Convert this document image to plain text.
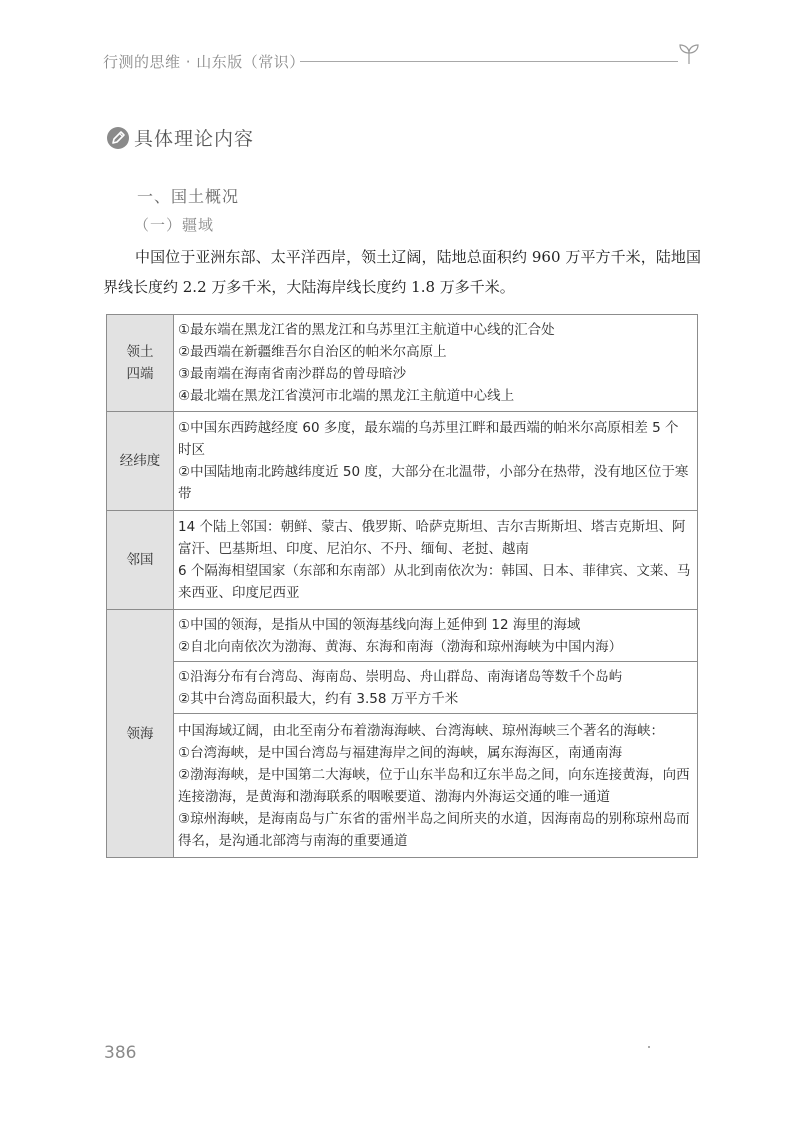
行测的思维 · 山东版（常识）
具体理论内容
一、国土概况
（一）疆域

中国位于亚洲东部、太平洋西岸，领土辽阔，陆地总面积约 960 万平方千米，陆地国界线长度约 2.2 万多千米，大陆海岸线长度约 1.8 万多千米。

领土
四端	①最东端在黑龙江省的黑龙江和乌苏里江主航道中心线的汇合处
②最西端在新疆维吾尔自治区的帕米尔高原上
③最南端在海南省南沙群岛的曾母暗沙
④最北端在黑龙江省漠河市北端的黑龙江主航道中心线上

经纬度	①中国东西跨越经度 60 多度，最东端的乌苏里江畔和最西端的帕米尔高原相差 5 个时区
②中国陆地南北跨越纬度近 50 度，大部分在北温带，小部分在热带，没有地区位于寒带

邻国	14 个陆上邻国：朝鲜、蒙古、俄罗斯、哈萨克斯坦、吉尔吉斯斯坦、塔吉克斯坦、阿富汗、巴基斯坦、印度、尼泊尔、不丹、缅甸、老挝、越南
6 个隔海相望国家（东部和东南部）从北到南依次为：韩国、日本、菲律宾、文莱、马来西亚、印度尼西亚

领海	①中国的领海，是指从中国的领海基线向海上延伸到 12 海里的海域
②自北向南依次为渤海、黄海、东海和南海（渤海和琼州海峡为中国内海）

	①沿海分布有台湾岛、海南岛、崇明岛、舟山群岛、南海诸岛等数千个岛屿
②其中台湾岛面积最大，约有 3.58 万平方千米

	中国海域辽阔，由北至南分布着渤海海峡、台湾海峡、琼州海峡三个著名的海峡：
①台湾海峡，是中国台湾岛与福建海岸之间的海峡，属东海海区，南通南海
②渤海海峡，是中国第二大海峡，位于山东半岛和辽东半岛之间，向东连接黄海，向西连接渤海，是黄海和渤海联系的咽喉要道、渤海内外海运交通的唯一通道
③琼州海峡，是海南岛与广东省的雷州半岛之间所夹的水道，因海南岛的别称琼州岛而得名，是沟通北部湾与南海的重要通道
386
